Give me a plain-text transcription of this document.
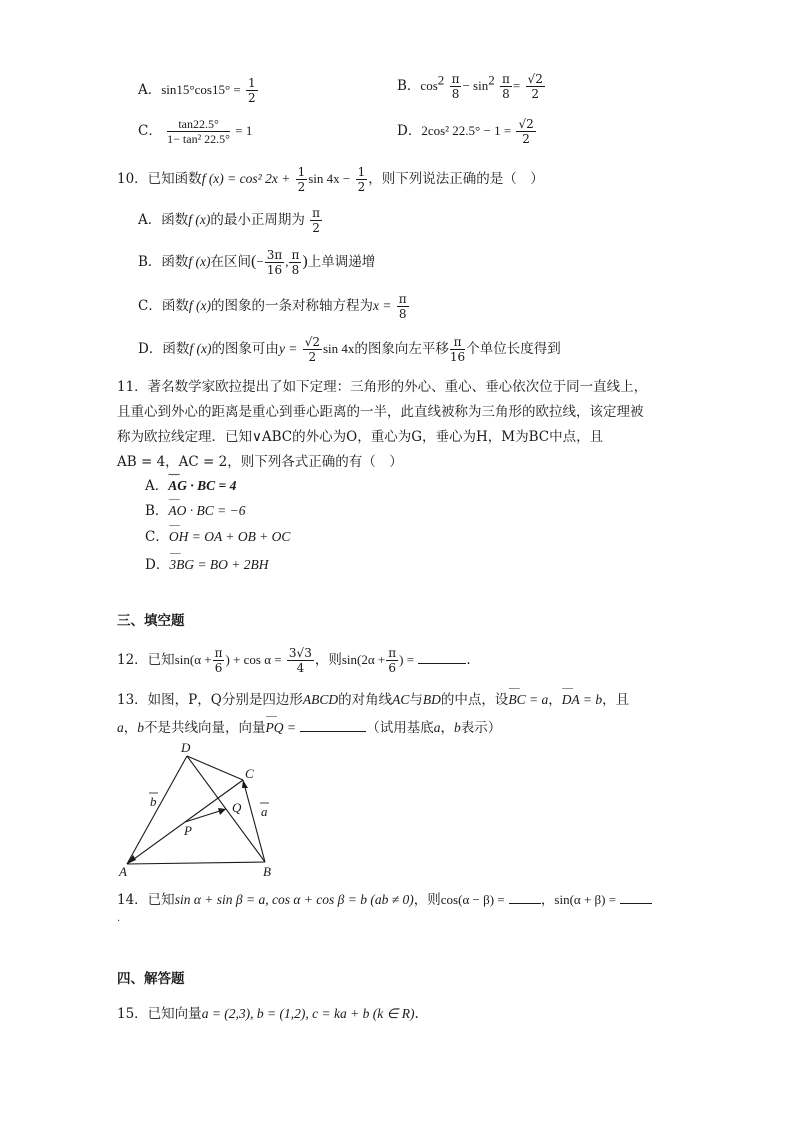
A．$\sin 15^\circ\cos 15^\circ = \frac{1}{2}$	B．$\cos^2 \frac{\pi}{8} - \sin^2 \frac{\pi}{8} = \frac{√2}{2}$
C． $\frac{\tan 22.5^\circ}{\text{1− tan² 22.5°}} = 1$	D．2cos² $22.5^\circ - 1 = \frac{√2}{2}$
10．已知函数f (x) = cos² $2x + \frac{1}{2}$ $\sin 4x - \frac{1}{2}$ ，则下列说法正确的是（　）
A．函数f (x)的最小正周期为 $\frac{\pi}{2}$
B．函数f (x)在区间(− $\frac{3\pi}{16}$ , $\frac{\pi}{8}$ )上单调递增
C．函数f (x)的图象的一条对称轴方程为$x = \frac{\pi}{8}$
D．函数f (x)的图象可由$y = \frac{√2}{2}$ sin 4x的图象向左平移 $\frac{\pi}{16}$ 个单位长度得到
11．著名数学家欧拉提出了如下定理：三角形的外心、重心、垂心依次位于同一直线上，
且重心到外心的距离是重心到垂心距离的一半，此直线被称为三角形的欧拉线，该定理被
称为欧拉线定理．已知∨ABC的外心为O，重心为G，垂心为H，M为BC中点，且
AB = 4，AC = 2，则下列各式正确的有（　）
A．⌢⌢⌢ AG · BC = 4
B．⌢⌢⌢ AO · BC = −6
C．⌢⌢⌢ OH = OA + OB + OC
D．⌢⌢⌢ 3BG = BO + 2BH
三、填空题
12．已知$\sin(\alpha + \frac{\pi}{6}$ ) + $\cos \alpha = \frac{3√3}{4}$ ，则$\sin(2\alpha + \frac{\pi}{6}$ ) =	.
13．如图，P，Q分别是四边形ABCD的对角线AC与BD的中点，设⌢⌢⌢ BC = a，⌢⌢⌢ DA = b，且
a，b不是共线向量，向量⌢⌢⌢ PQ =	（试用基底a，b表示）
D
C
Q
P
A	B
b
a
14．已知sin α + sin β = a, cos α + cos β = b (ab ≠ 0)，则cos(α − β) =	，sin(α + β) =
.
四、解答题
15．已知向量a = (2,3), b = (1,2), c = ka + b (k ∈ R).
